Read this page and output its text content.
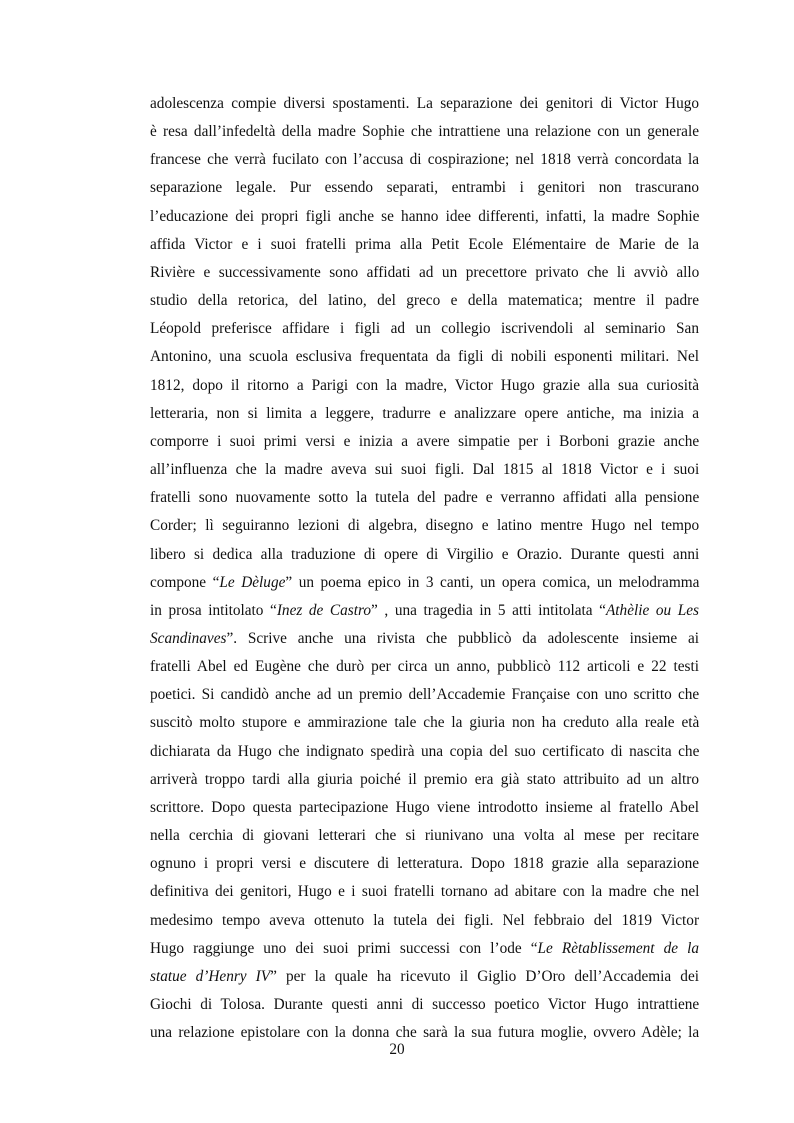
adolescenza compie diversi spostamenti. La separazione dei genitori di Victor Hugo
è resa dall’infedeltà della madre Sophie che intrattiene una relazione con un generale
francese che verrà fucilato con l’accusa di cospirazione; nel 1818 verrà concordata la
separazione legale. Pur essendo separati, entrambi i genitori non trascurano
l’educazione dei propri figli anche se hanno idee differenti, infatti, la madre Sophie
affida Victor e i suoi fratelli prima alla Petit Ecole Elémentaire de Marie de la
Rivière e successivamente sono affidati ad un precettore privato che li avviò allo
studio della retorica, del latino, del greco e della matematica; mentre il padre
Léopold preferisce affidare i figli ad un collegio iscrivendoli al seminario San
Antonino, una scuola esclusiva frequentata da figli di nobili esponenti militari. Nel
1812, dopo il ritorno a Parigi con la madre, Victor Hugo grazie alla sua curiosità
letteraria, non si limita a leggere, tradurre e analizzare opere antiche, ma inizia a
comporre i suoi primi versi e inizia a avere simpatie per i Borboni grazie anche
all’influenza che la madre aveva sui suoi figli. Dal 1815 al 1818 Victor e i suoi
fratelli sono nuovamente sotto la tutela del padre e verranno affidati alla pensione
Corder; lì seguiranno lezioni di algebra, disegno e latino mentre Hugo nel tempo
libero si dedica alla traduzione di opere di Virgilio e Orazio. Durante questi anni
compone “Le Dèluge” un poema epico in 3 canti, un opera comica, un melodramma
in prosa intitolato “Inez de Castro” , una tragedia in 5 atti intitolata “Athèlie ou Les
Scandinaves”. Scrive anche una rivista che pubblicò da adolescente insieme ai
fratelli Abel ed Eugène che durò per circa un anno, pubblicò 112 articoli e 22 testi
poetici. Si candidò anche ad un premio dell’Accademie Française con uno scritto che
suscitò molto stupore e ammirazione tale che la giuria non ha creduto alla reale età
dichiarata da Hugo che indignato spedirà una copia del suo certificato di nascita che
arriverà troppo tardi alla giuria poiché il premio era già stato attribuito ad un altro
scrittore. Dopo questa partecipazione Hugo viene introdotto insieme al fratello Abel
nella cerchia di giovani letterari che si riunivano una volta al mese per recitare
ognuno i propri versi e discutere di letteratura. Dopo 1818 grazie alla separazione
definitiva dei genitori, Hugo e i suoi fratelli tornano ad abitare con la madre che nel
medesimo tempo aveva ottenuto la tutela dei figli. Nel febbraio del 1819 Victor
Hugo raggiunge uno dei suoi primi successi con l’ode “Le Rètablissement de la
statue d’Henry IV” per la quale ha ricevuto il Giglio D’Oro dell’Accademia dei
Giochi di Tolosa. Durante questi anni di successo poetico Victor Hugo intrattiene
una relazione epistolare con la donna che sarà la sua futura moglie, ovvero Adèle; la
20
